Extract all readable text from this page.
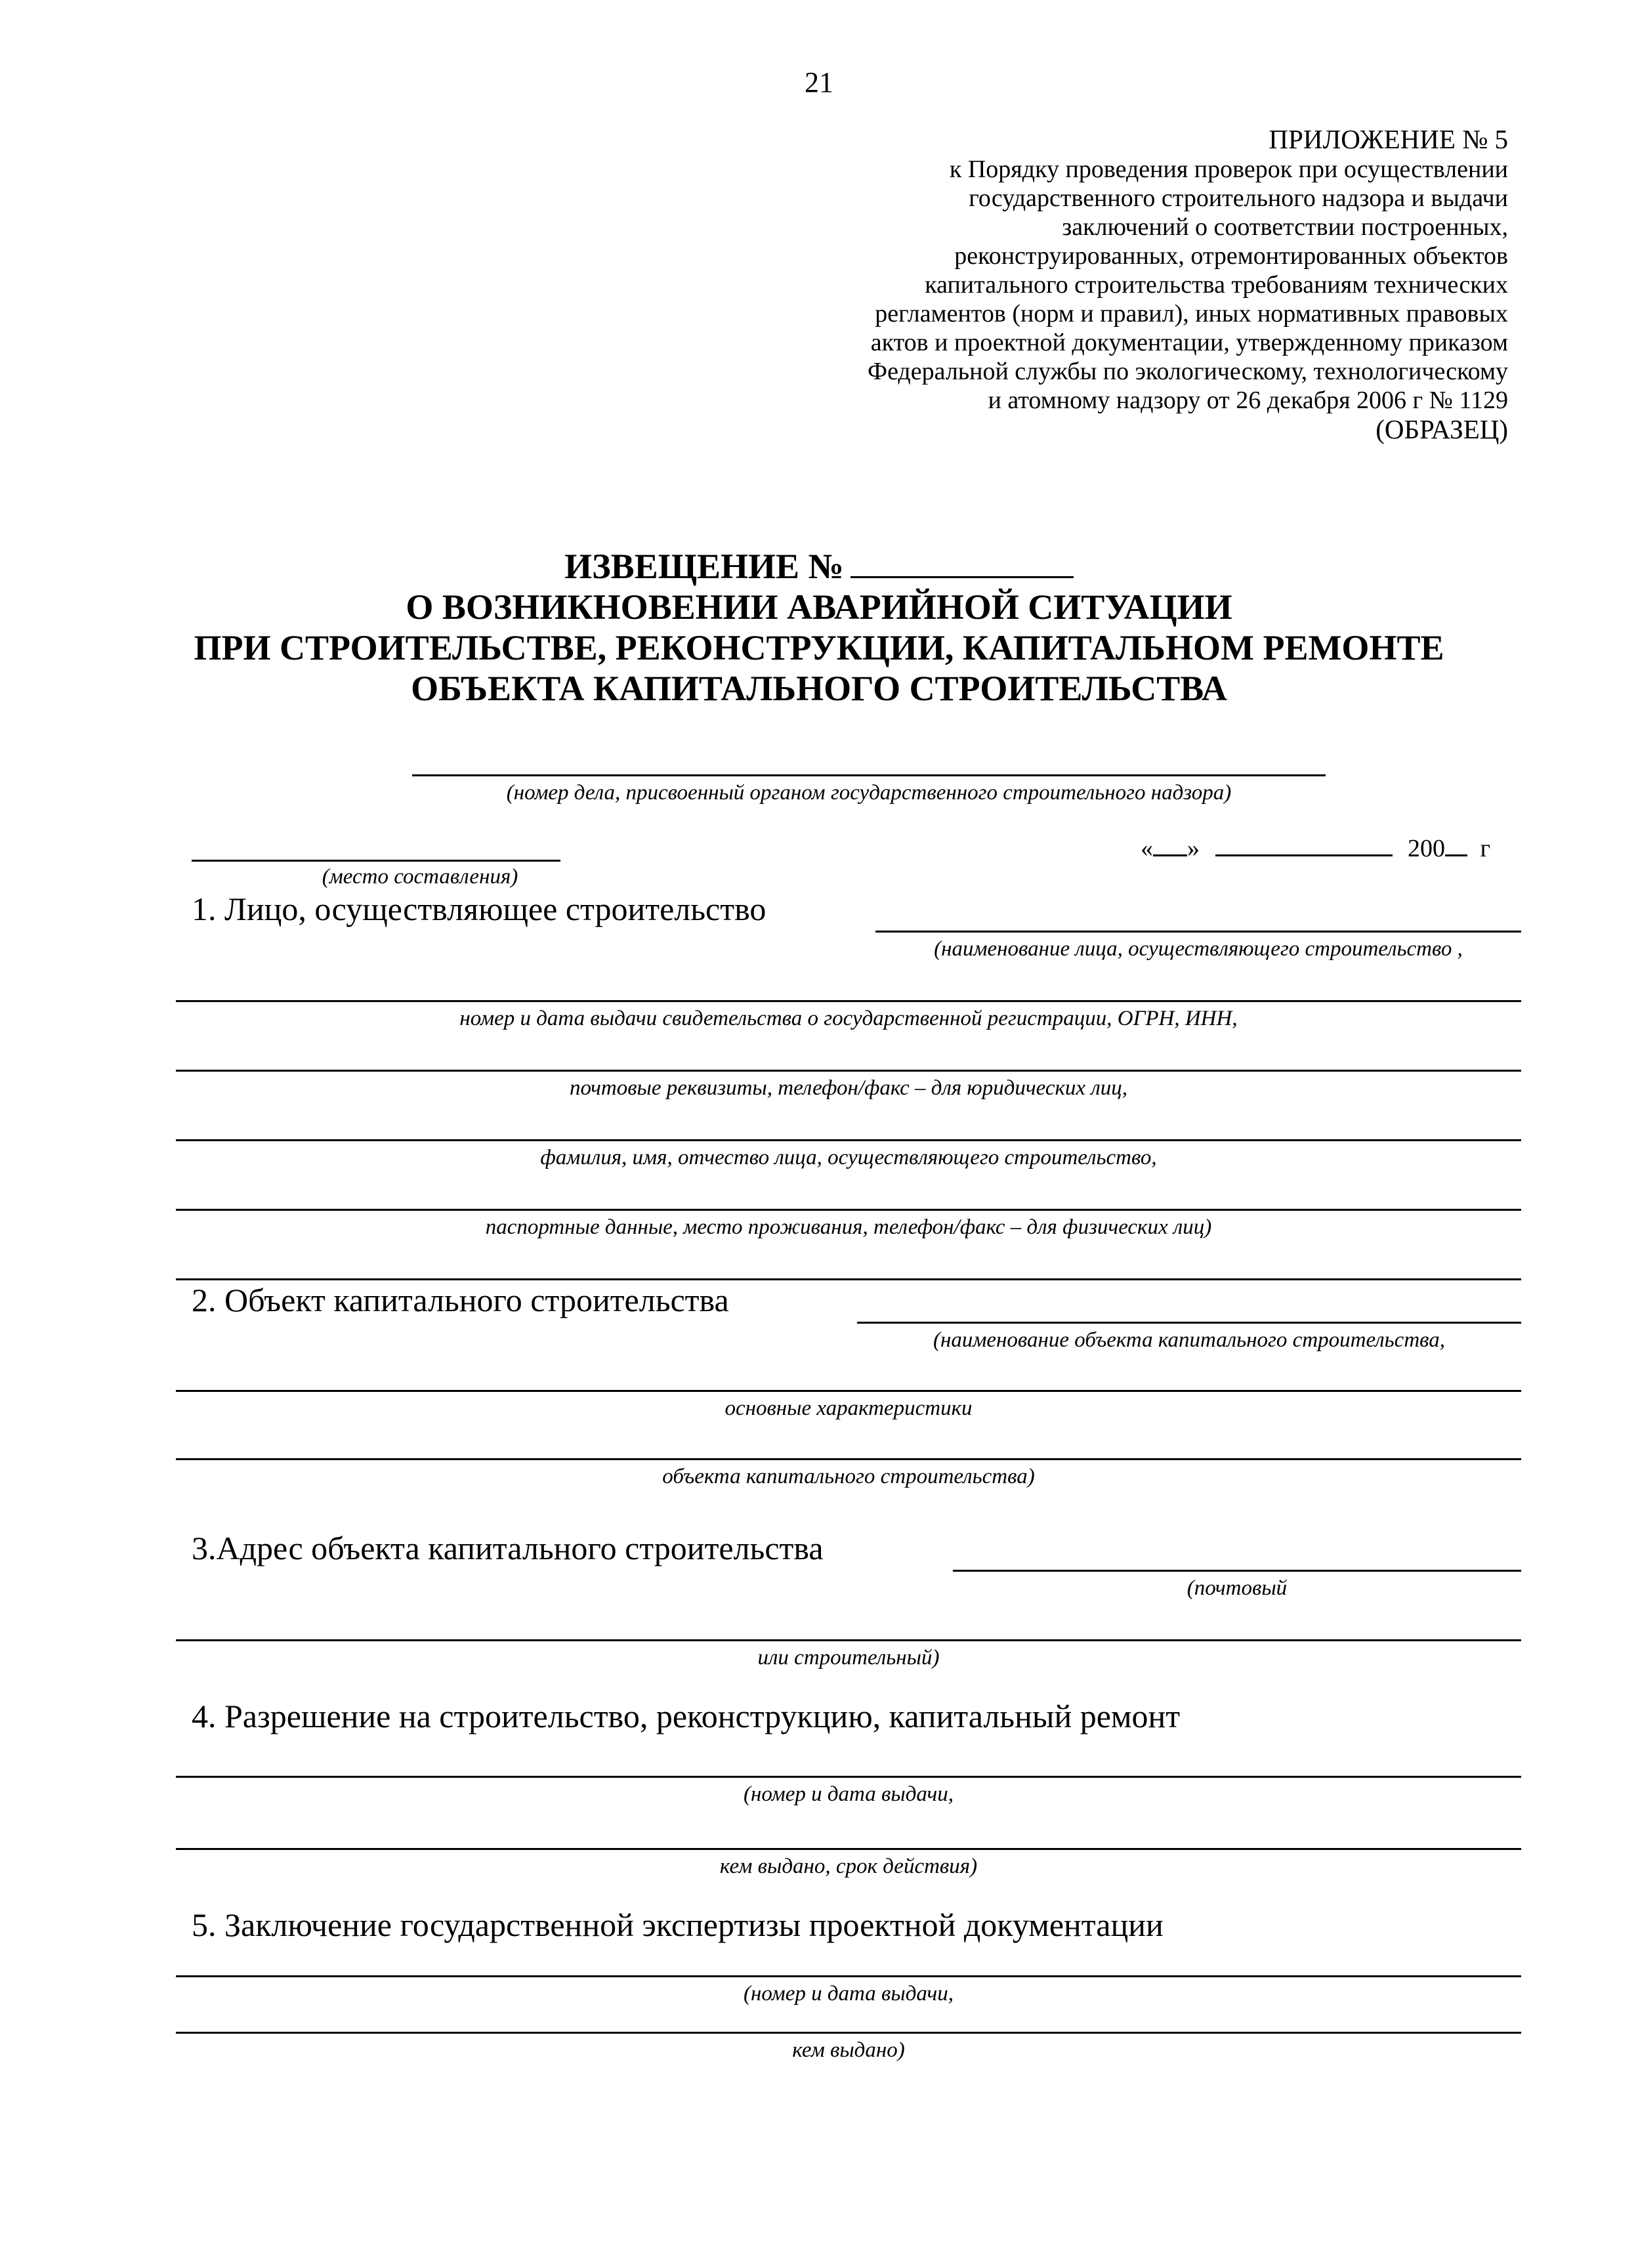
21
ПРИЛОЖЕНИЕ № 5
к Порядку проведения проверок при осуществлении
государственного строительного надзора и выдачи
заключений о соответствии построенных,
реконструированных, отремонтированных объектов
капитального строительства требованиям технических
регламентов (норм и правил), иных нормативных правовых
актов и проектной документации, утвержденному приказом
Федеральной службы по экологическому, технологическому
и атомному надзору от 26 декабря 2006 г № 1129
(ОБРАЗЕЦ)
ИЗВЕЩЕНИЕ №
О ВОЗНИКНОВЕНИИ АВАРИЙНОЙ СИТУАЦИИ
ПРИ СТРОИТЕЛЬСТВЕ, РЕКОНСТРУКЦИИ, КАПИТАЛЬНОМ РЕМОНТЕ
ОБЪЕКТА КАПИТАЛЬНОГО СТРОИТЕЛЬСТВА
(номер дела, присвоенный органом государственного строительного надзора)
(место составления)
« »	200 г
1. Лицо, осуществляющее строительство
(наименование лица, осуществляющего строительство ,
номер и дата выдачи свидетельства о государственной регистрации, ОГРН, ИНН,
почтовые реквизиты, телефон/факс – для юридических лиц,
фамилия, имя, отчество лица, осуществляющего строительство,
паспортные данные, место проживания, телефон/факс – для физических лиц)
2. Объект капитального строительства
(наименование объекта капитального строительства,
основные характеристики
объекта капитального строительства)
3.Адрес объекта капитального строительства
(почтовый
или строительный)
4. Разрешение на строительство, реконструкцию, капитальный ремонт
(номер и дата выдачи,
кем выдано, срок действия)
5. Заключение государственной экспертизы проектной документации
(номер и дата выдачи,
кем выдано)
